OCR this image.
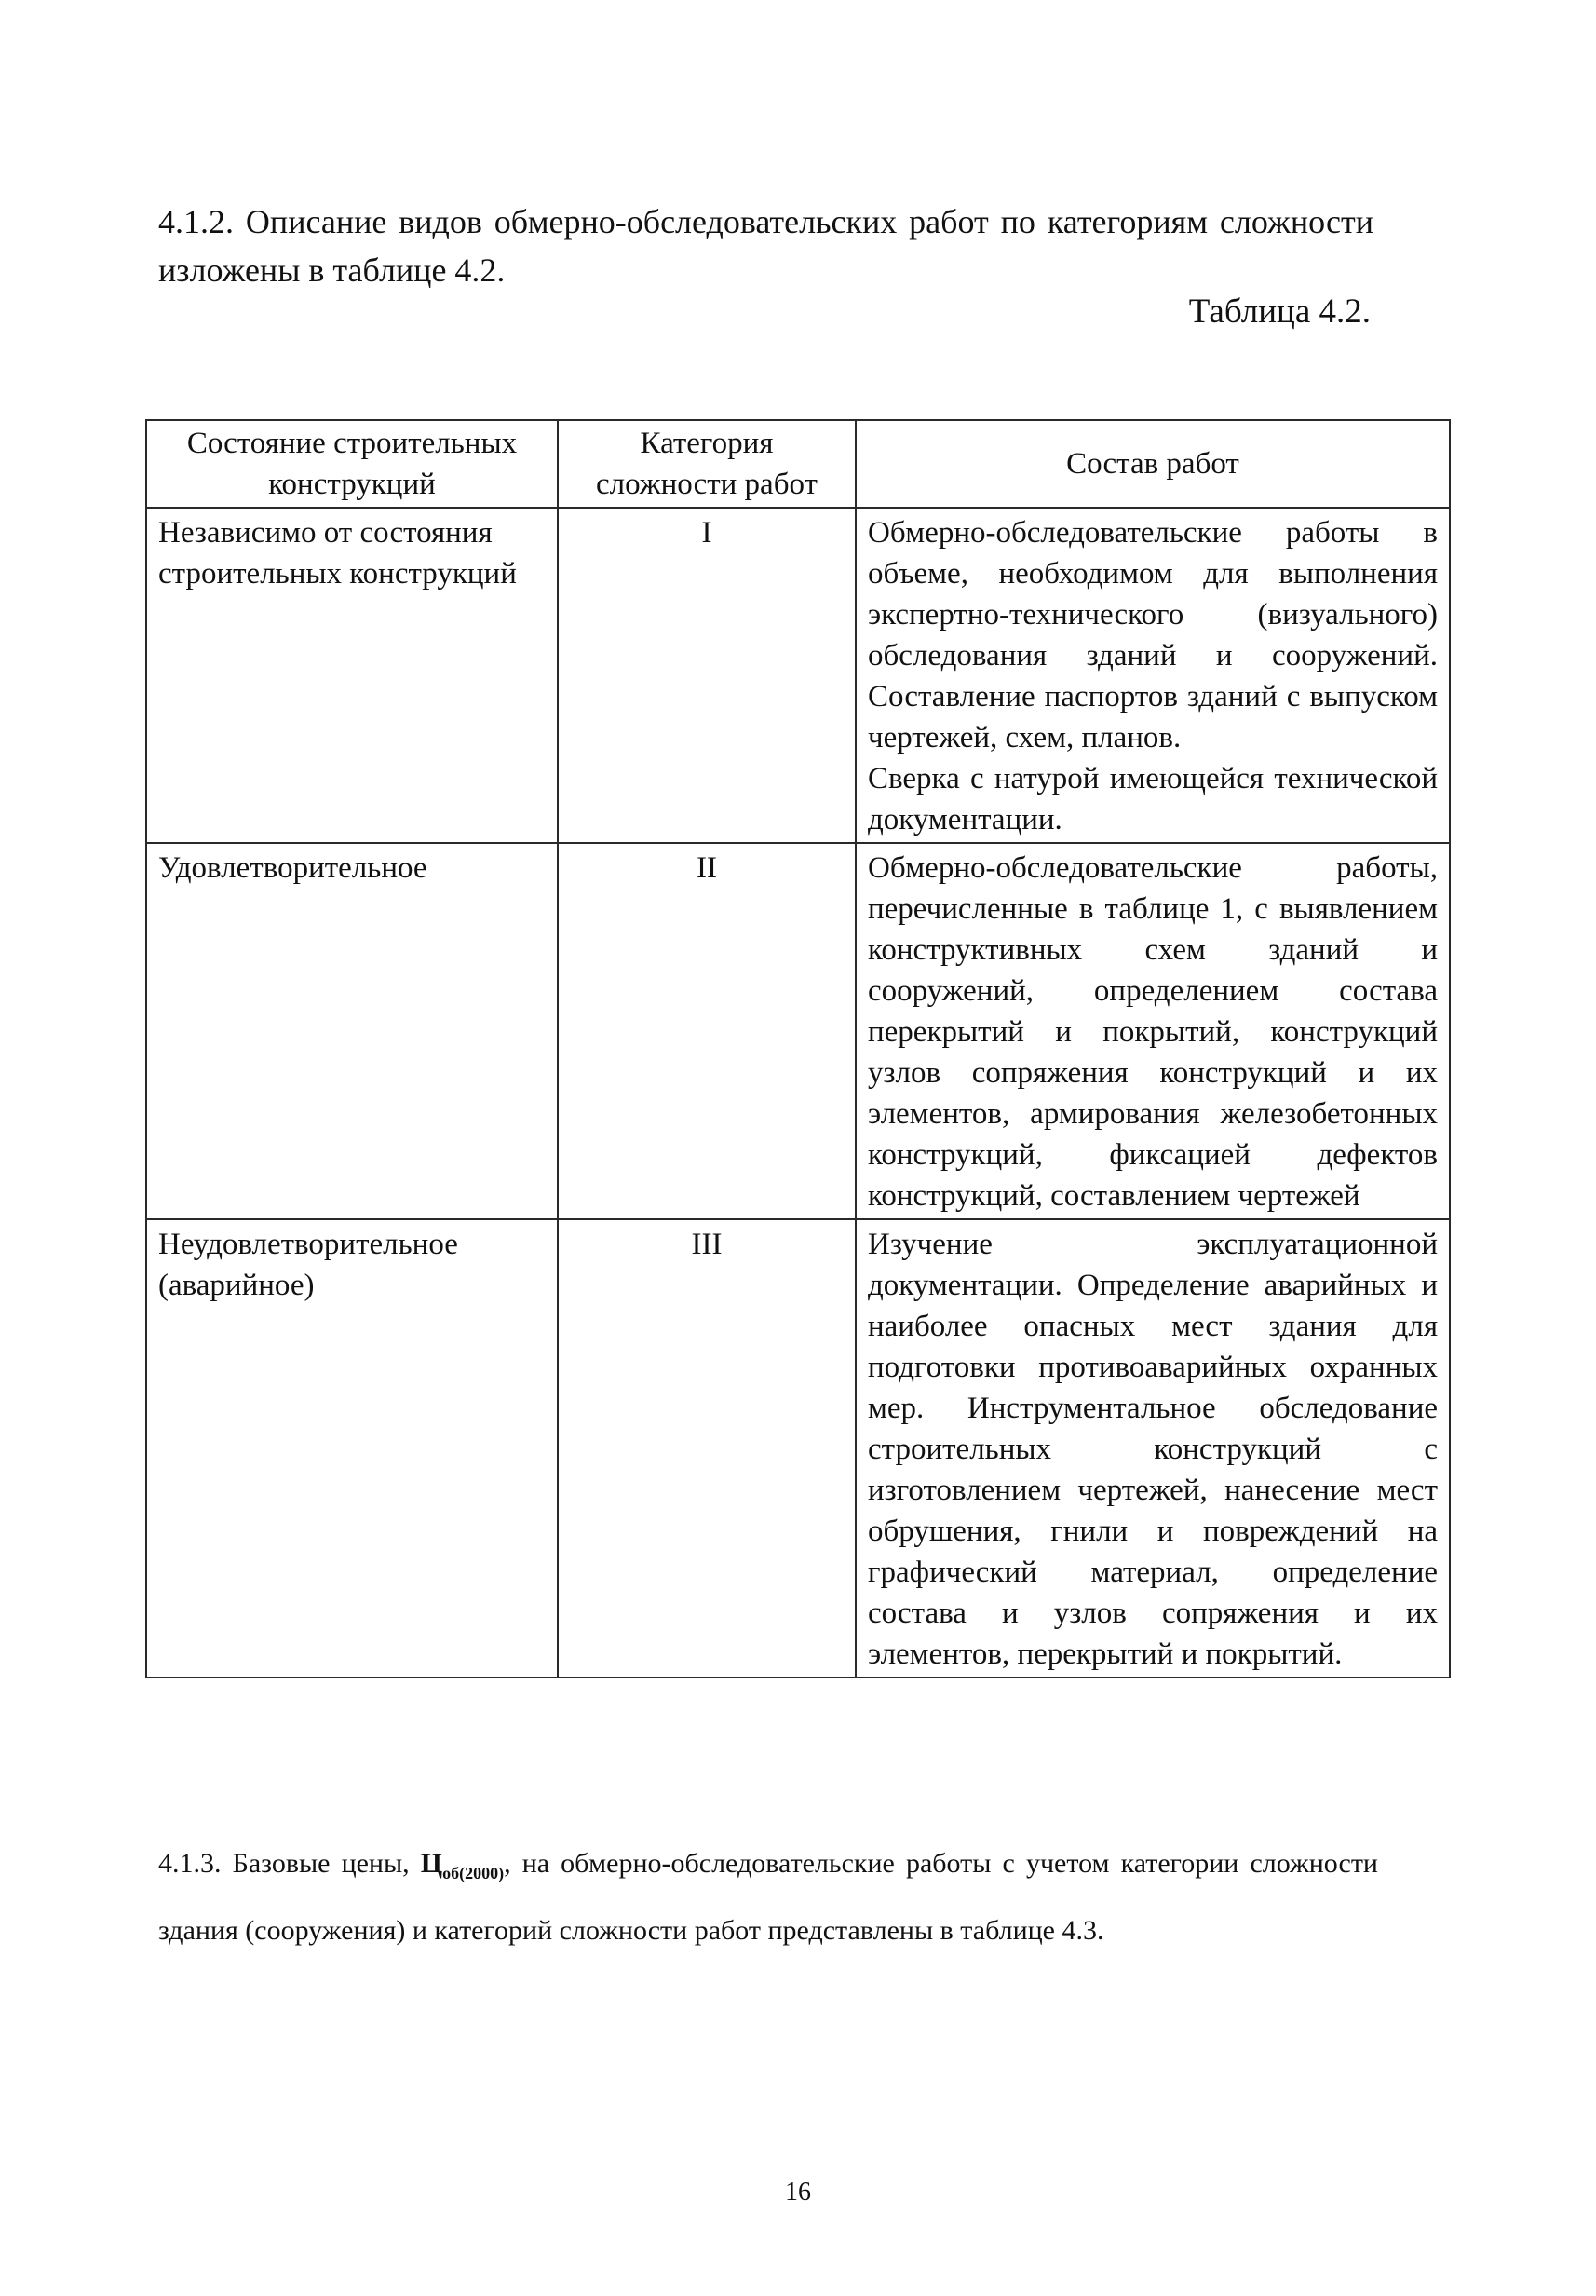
4.1.2. Описание видов обмерно-обследовательских работ по категориям сложности изложены в таблице 4.2.
Таблица 4.2.
Состояние строительных конструкций	Категория сложности работ	Состав работ
Независимо от состояния строительных конструкций	I	Обмерно-обследовательские работы в объеме, необходимом для выполнения экспертно-технического (визуального) обследования зданий и сооружений. Составление паспортов зданий с выпуском чертежей, схем, планов.

Сверка с натурой имеющейся технической документации.

Удовлетворительное	II	Обмерно-обследовательские работы, перечисленные в таблице 1, с выявлением конструктивных схем зданий и сооружений, определением состава перекрытий и покрытий, конструкций узлов сопряжения конструкций и их элементов, армирования железобетонных конструкций, фиксацией дефектов конструкций, составлением чертежей

Неудовлетворительное (аварийное)	III	Изучение эксплуатационной документации. Определение аварийных и наиболее опасных мест здания для подготовки противоаварийных охранных мер. Инструментальное обследование строительных конструкций с изготовлением чертежей, нанесение мест обрушения, гнили и повреждений на графический материал, определение состава и узлов сопряжения и их элементов, перекрытий и покрытий.

4.1.3. Базовые цены, $Ц_{об(2000)}$, на обмерно-обследовательские работы с учетом категории сложности здания (сооружения) и категорий сложности работ представлены в таблице 4.3.
16
